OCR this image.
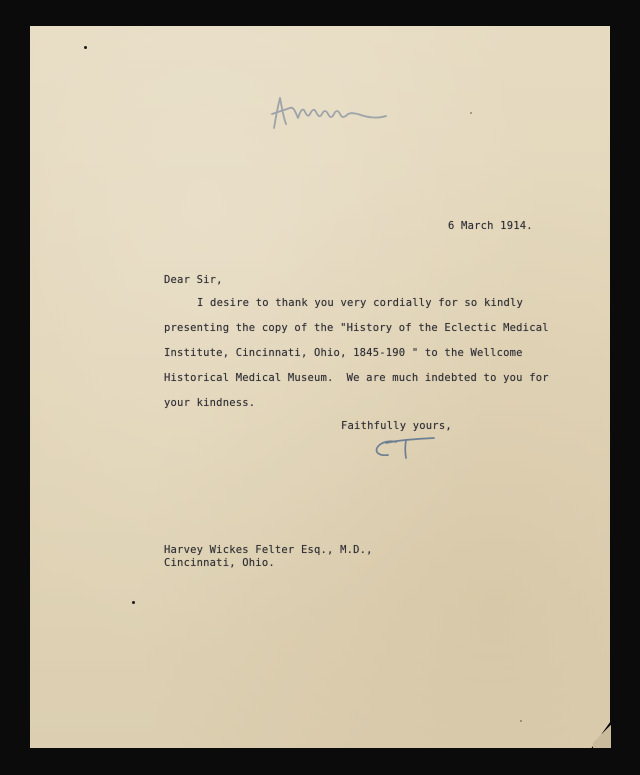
6 March 1914.
Dear Sir,
I desire to thank you very cordially for so kindly
presenting the copy of the "History of the Eclectic Medical
Institute, Cincinnati, Ohio, 1845-190 " to the Wellcome
Historical Medical Museum.  We are much indebted to you for
your kindness.
Faithfully yours,
Harvey Wickes Felter Esq., M.D.,
Cincinnati, Ohio.
